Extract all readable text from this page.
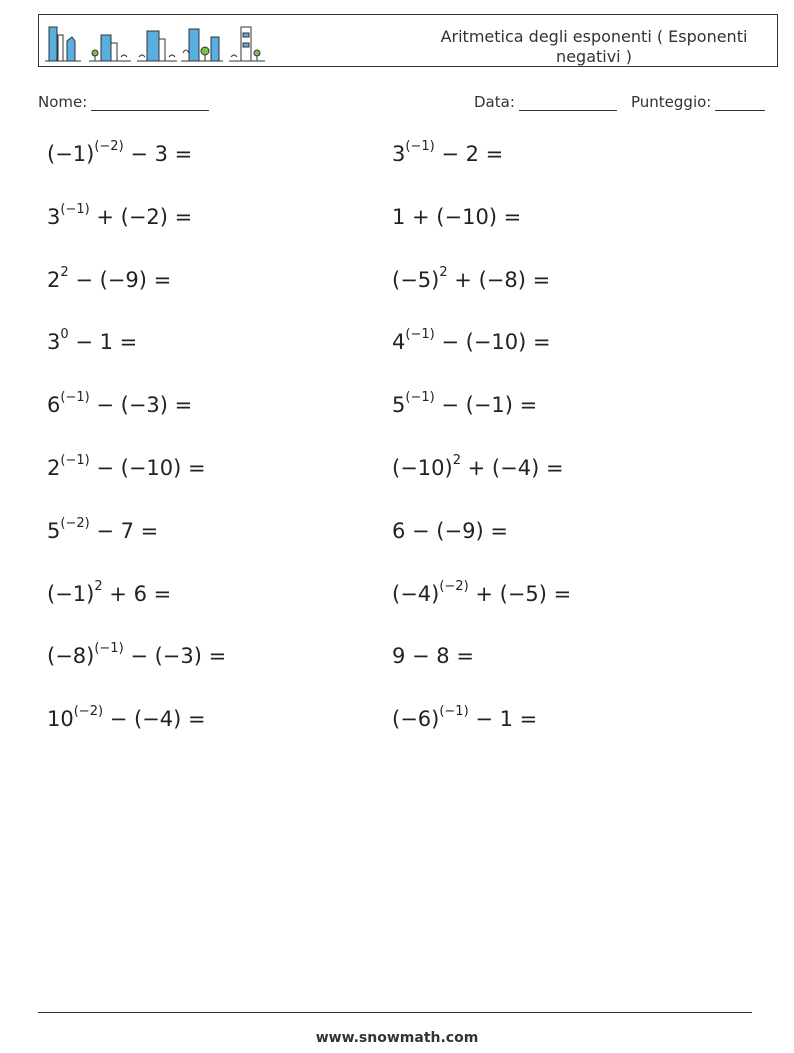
Aritmetica degli esponenti ( Esponenti negativi )
Nome:	Data:	Punteggio:
$(-1)^{(-2)} - 3$ =	$3^{(-1)} - 2$ =
$3^{(-1)} + (-2)$ =	1 + (−10) =
$2^2 - (-9)$ =	$(-5)^2 + (-8)$ =
$3^0 - 1$ =	$4^{(-1)} - (-10)$ =
$6^{(-1)} - (-3)$ =	$5^{(-1)} - (-1)$ =
$2^{(-1)} - (-10)$ =	$(-10)^2 + (-4)$ =
$5^{(-2)} - 7$ =	6 − (−9) =
$(-1)^2 + 6$ =	$(-4)^{(-2)} + (-5)$ =
$(-8)^{(-1)} - (-3)$ =	9 − 8 =
$10^{(-2)} - (-4)$ =	$(-6)^{(-1)} - 1$ =
www.snowmath.com
